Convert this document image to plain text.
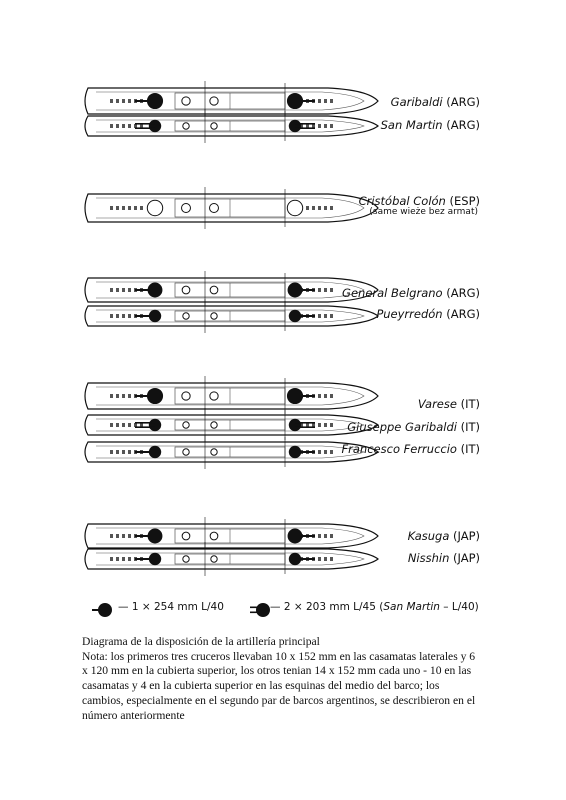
Garibaldi (ARG)
San Martin (ARG)
Cristóbal Colón (ESP)
(same wieże bez armat)
General Belgrano (ARG)
Pueyrredón (ARG)
Varese (IT)
Giuseppe Garibaldi (IT)
Francesco Ferruccio (IT)
Kasuga (JAP)
Nisshin (JAP)
— 1 × 254 mm L/40	— 2 × 203 mm L/45 (San Martin – L/40)

Diagrama de la disposición de la artillería principal

Nota: los primeros tres cruceros llevaban 10 x 152 mm en las casamatas laterales y 6 x 120 mm en la cubierta superior, los otros tenian 14 x 152 mm cada uno - 10 en las casamatas y 4 en la cubierta superior en las esquinas del medio del barco; los cambios, especialmente en el segundo par de barcos argentinos, se describieron en el número anteriormente
